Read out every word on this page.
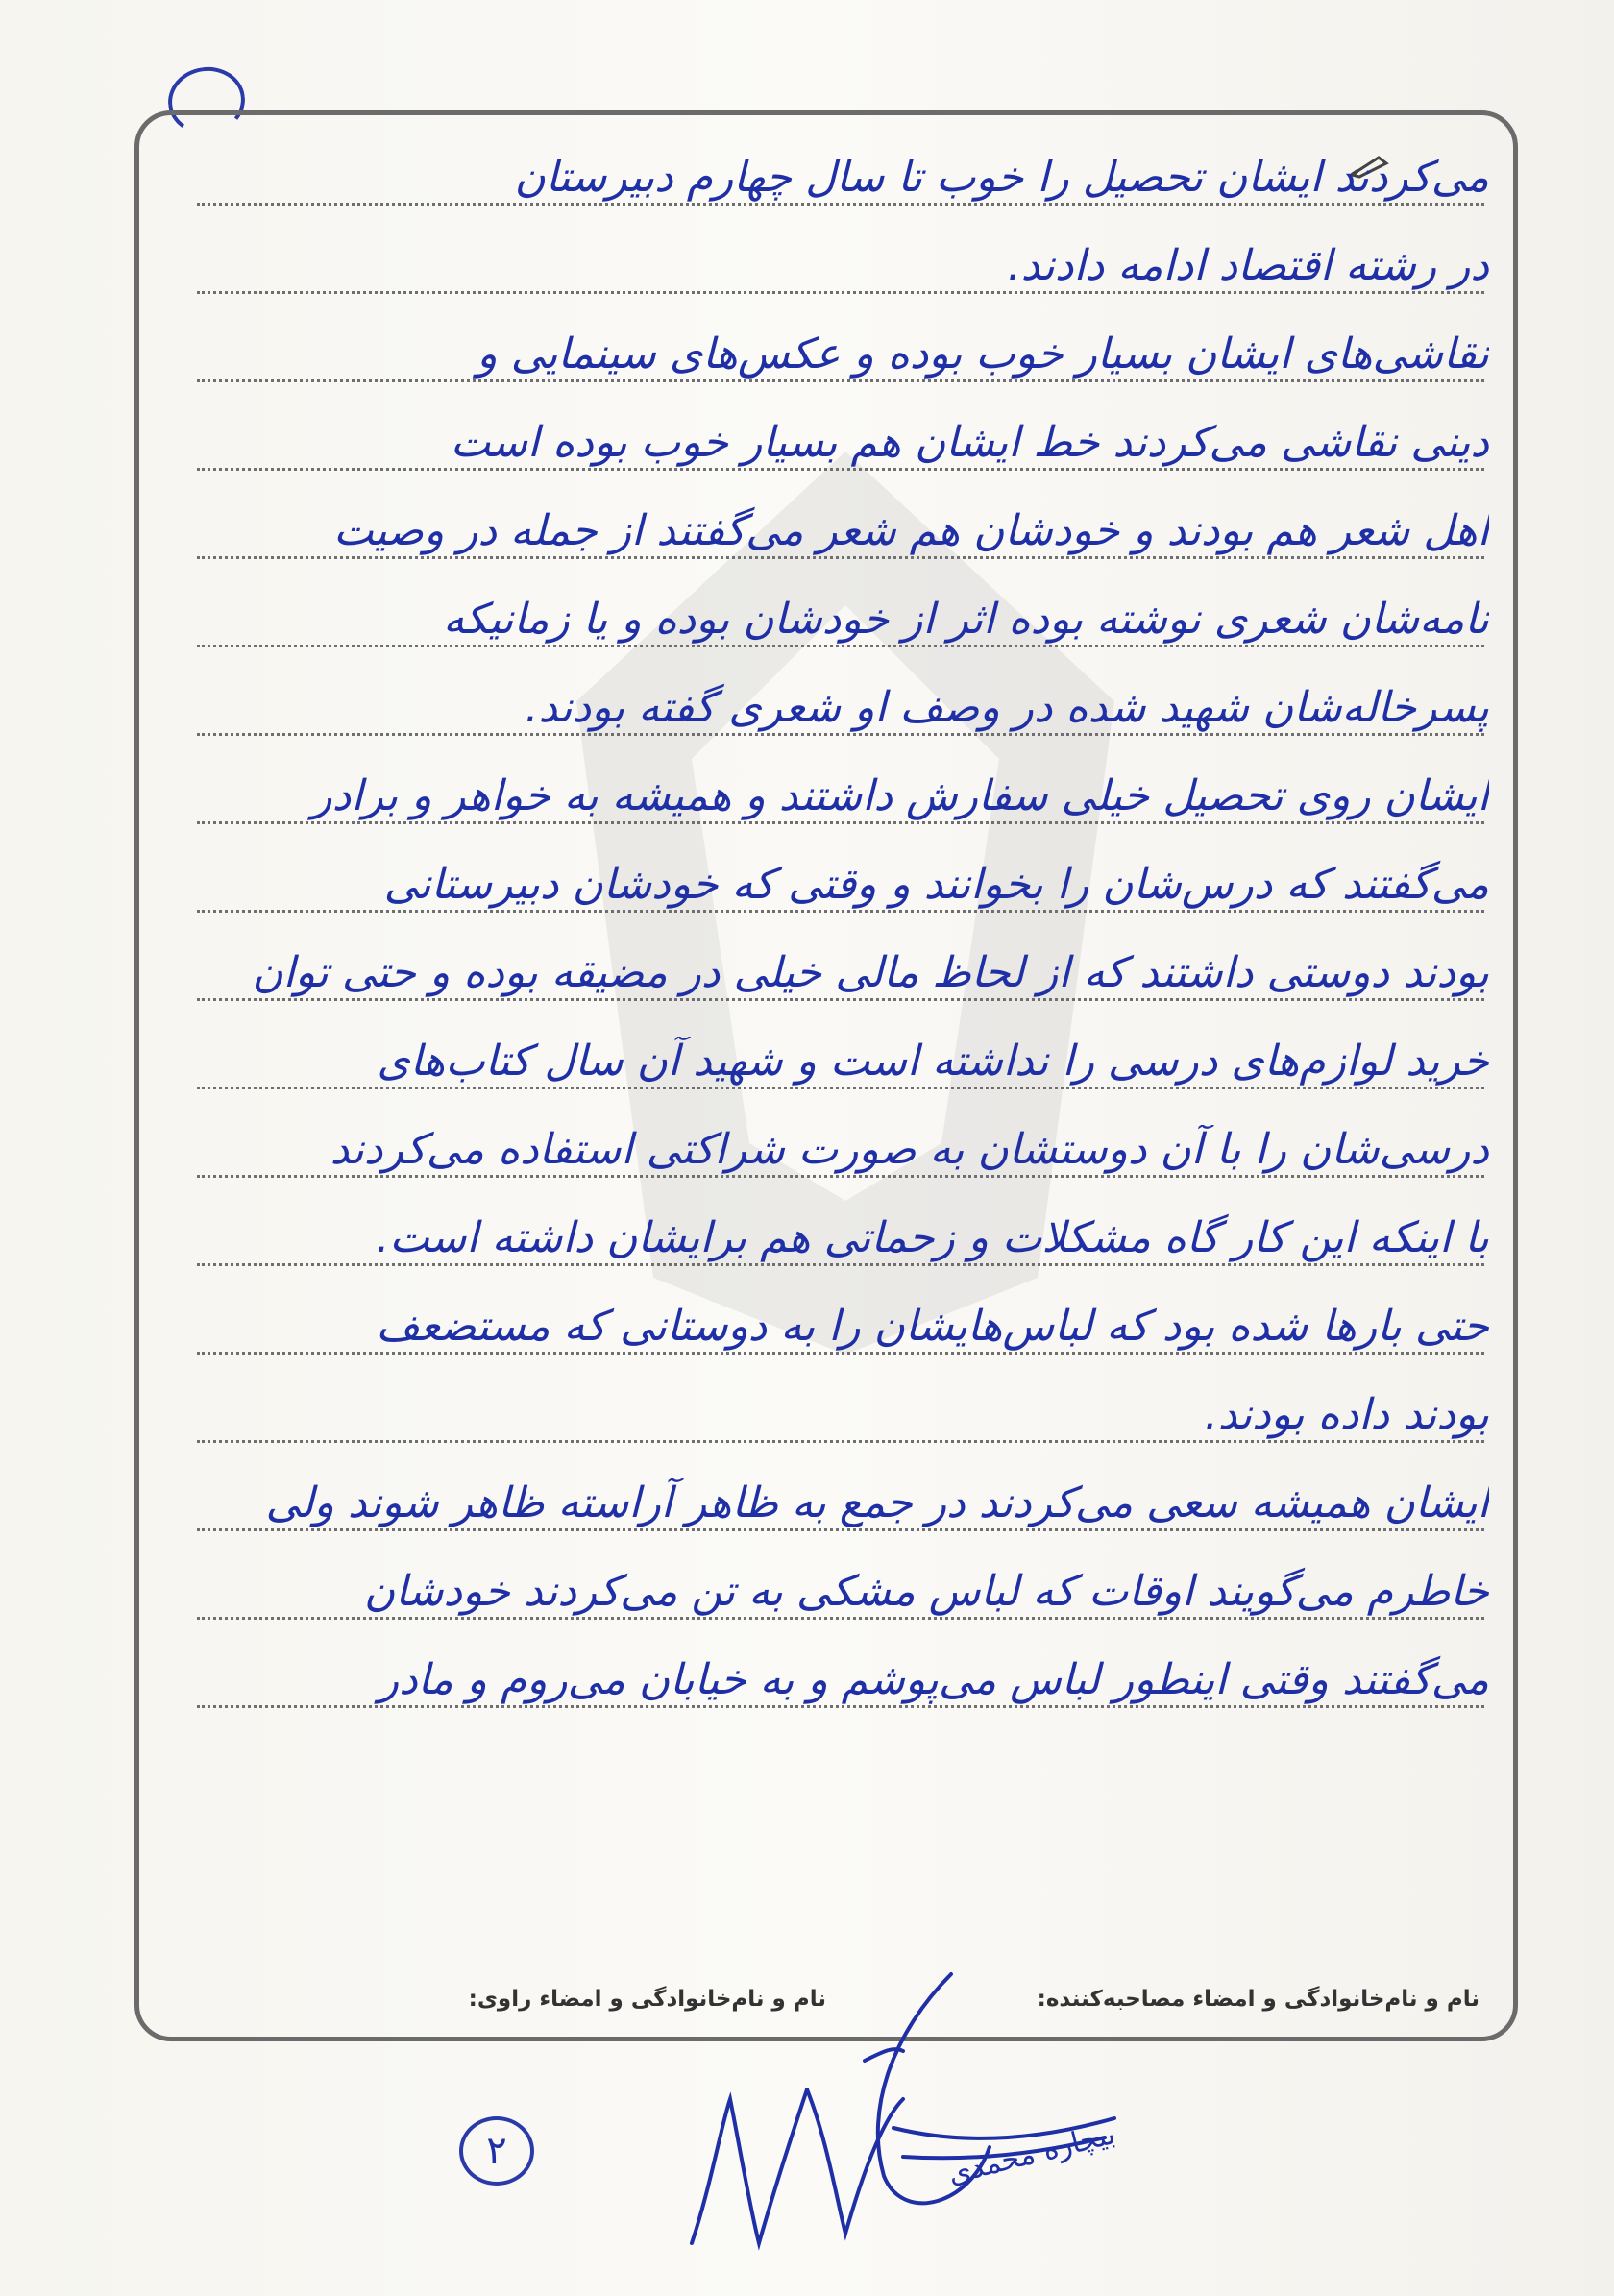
می‌کردند ایشان تحصیل را خوب تا سال چهارم دبیرستان
در رشته اقتصاد ادامه دادند.
نقاشی‌های ایشان بسیار خوب بوده و عکس‌های سینمایی و
دینی نقاشی می‌کردند خط ایشان هم بسیار خوب بوده است
اهل شعر هم بودند و خودشان هم شعر می‌گفتند از جمله در وصیت
نامه‌شان شعری نوشته بوده اثر از خودشان بوده و یا زمانیکه
پسرخاله‌شان شهید شده در وصف او شعری گفته بودند.
ایشان روی تحصیل خیلی سفارش داشتند و همیشه به خواهر و برادر
می‌گفتند که درس‌شان را بخوانند و وقتی که خودشان دبیرستانی
بودند دوستی داشتند که از لحاظ مالی خیلی در مضیقه بوده و حتی توان
خرید لوازم‌های درسی را نداشته است و شهید آن سال کتاب‌های
درسی‌شان را با آن دوستشان به صورت شراکتی استفاده می‌کردند
با اینکه این کار گاه مشکلات و زحماتی هم برایشان داشته است.
حتی بارها شده بود که لباس‌هایشان را به دوستانی که مستضعف
بودند داده بودند.
ایشان همیشه سعی می‌کردند در جمع به ظاهر آراسته ظاهر شوند ولی
خاطرم می‌گویند اوقات که لباس مشکی به تن می‌کردند خودشان
می‌گفتند وقتی اینطور لباس می‌پوشم و به خیابان می‌روم و مادر
نام و نام‌خانوادگی و امضاء مصاحبه‌کننده:
نام و نام‌خانوادگی و امضاء راوی:
۲	بیچاره محمدی
